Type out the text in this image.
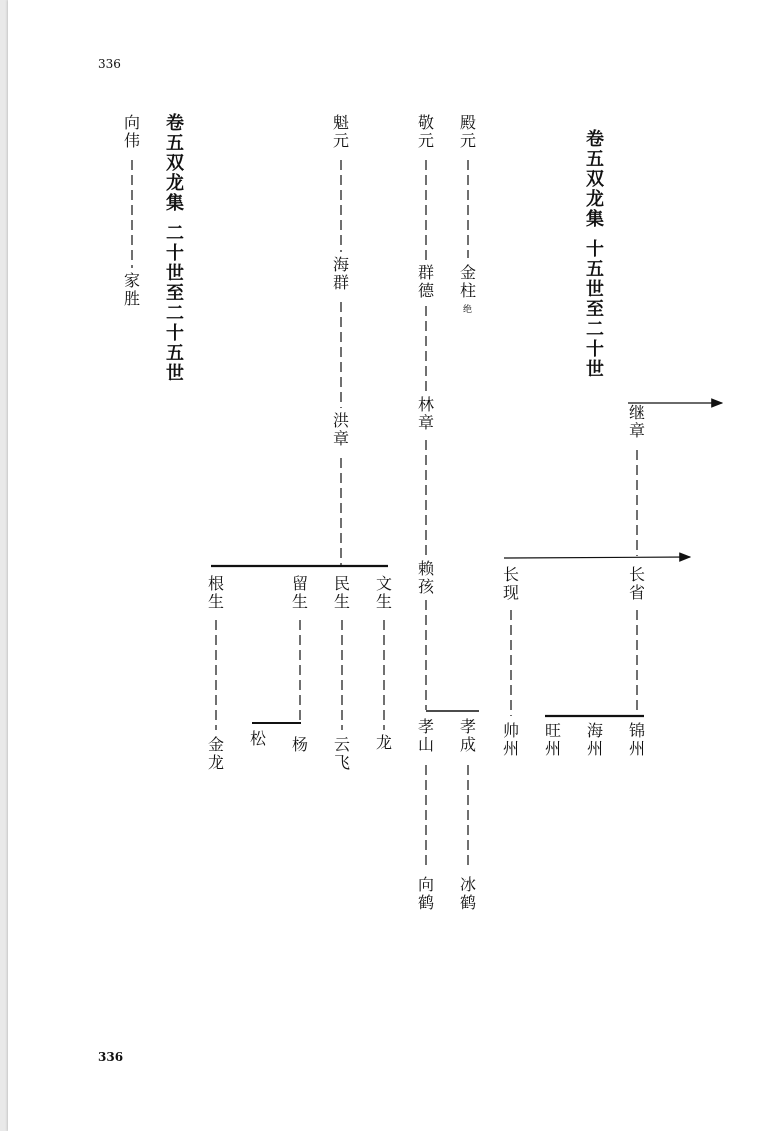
336
336
卷
五
双
龙
集
二
十
世
至
二
十
五
世
卷
五
双
龙
集
十
五
世
至
二
十
世
向
伟
家
胜
魁
元
海
群
洪
章
根
生
金
龙
留
生
松 杨
民
生
云
飞
文
生
龙
敬
元
群
德
林
章
赖
孩
孝
山
向
鹤
孝
成
冰
鹤
殿
元
金
柱
绝
继
章
长
现
帅
州
长
省
旺
州
海
州
锦
州
